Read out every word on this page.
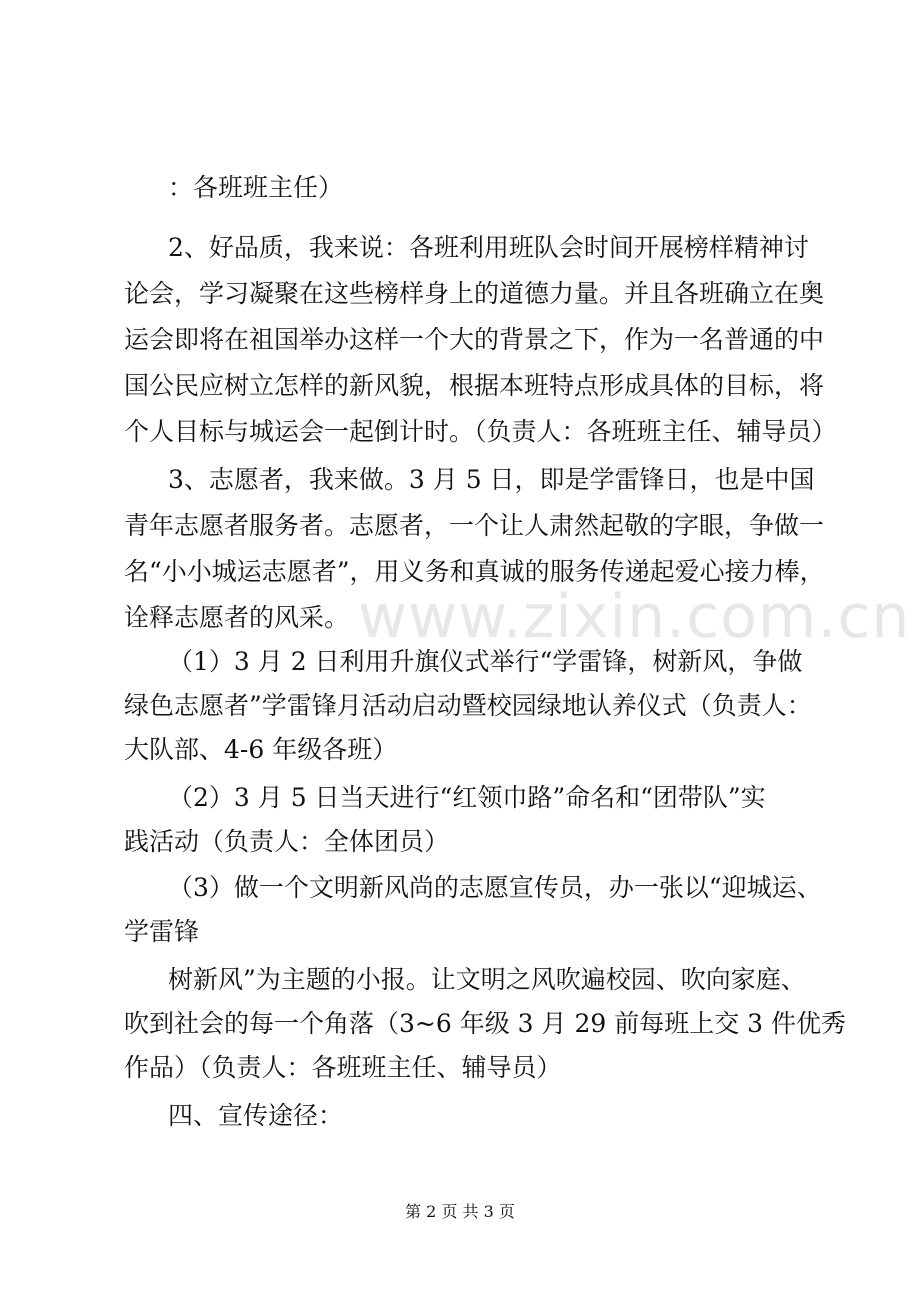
：各班班主任）
2、好品质，我来说：各班利用班队会时间开展榜样精神讨
论会，学习凝聚在这些榜样身上的道德力量。并且各班确立在奥
运会即将在祖国举办这样一个大的背景之下，作为一名普通的中
国公民应树立怎样的新风貌，根据本班特点形成具体的目标，将
个人目标与城运会一起倒计时。（负责人：各班班主任、辅导员）
3、志愿者，我来做。3 月 5 日，即是学雷锋日，也是中国
青年志愿者服务者。志愿者，一个让人肃然起敬的字眼，争做一
名“小小城运志愿者”，用义务和真诚的服务传递起爱心接力棒，
诠释志愿者的风采。
（1）3 月 2 日利用升旗仪式举行“学雷锋，树新风，争做
绿色志愿者”学雷锋月活动启动暨校园绿地认养仪式（负责人：
大队部、4-6 年级各班）
（2）3 月 5 日当天进行“红领巾路”命名和“团带队”实
践活动（负责人：全体团员）
（3）做一个文明新风尚的志愿宣传员，办一张以“迎城运、
学雷锋
树新风”为主题的小报。让文明之风吹遍校园、吹向家庭、
吹到社会的每一个角落（3~6 年级 3 月 29 前每班上交 3 件优秀
作品）（负责人：各班班主任、辅导员）
四、宣传途径：
www.zixin.com.cn
第 2 页 共 3 页
